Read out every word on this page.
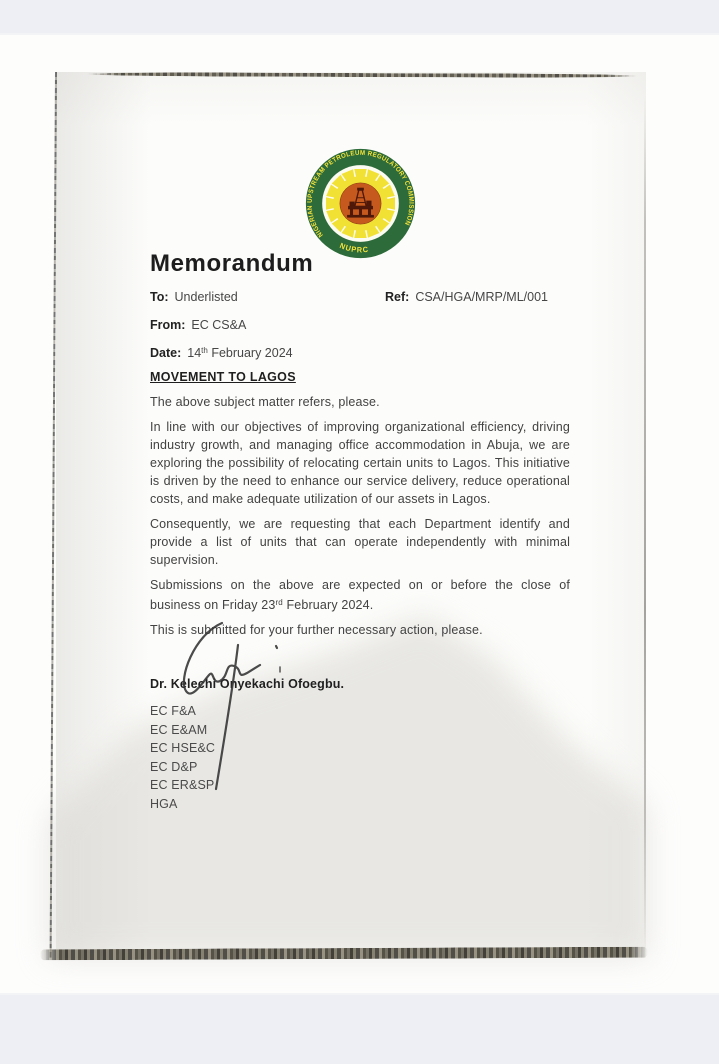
NIGERIAN UPSTREAM PETROLEUM REGULATORY COMMISSION
NUPRC
Memorandum
To: Underlisted	Ref: CSA/HGA/MRP/ML/001
From: EC CS&A
Date: 14th February 2024
MOVEMENT TO LAGOS

The above subject matter refers, please.

In line with our objectives of improving organizational efficiency, driving industry growth, and managing office accommodation in Abuja, we are exploring the possibility of relocating certain units to Lagos. This initiative is driven by the need to enhance our service delivery, reduce operational costs, and make adequate utilization of our assets in Lagos.

Consequently, we are requesting that each Department identify and provide a list of units that can operate independently with minimal supervision.

Submissions on the above are expected on or before the close of business on Friday 23rd February 2024.

This is submitted for your further necessary action, please.

Dr. Kelechi Onyekachi Ofoegbu.
EC F&A
EC E&AM
EC HSE&C
EC D&P
EC ER&SP
HGA
